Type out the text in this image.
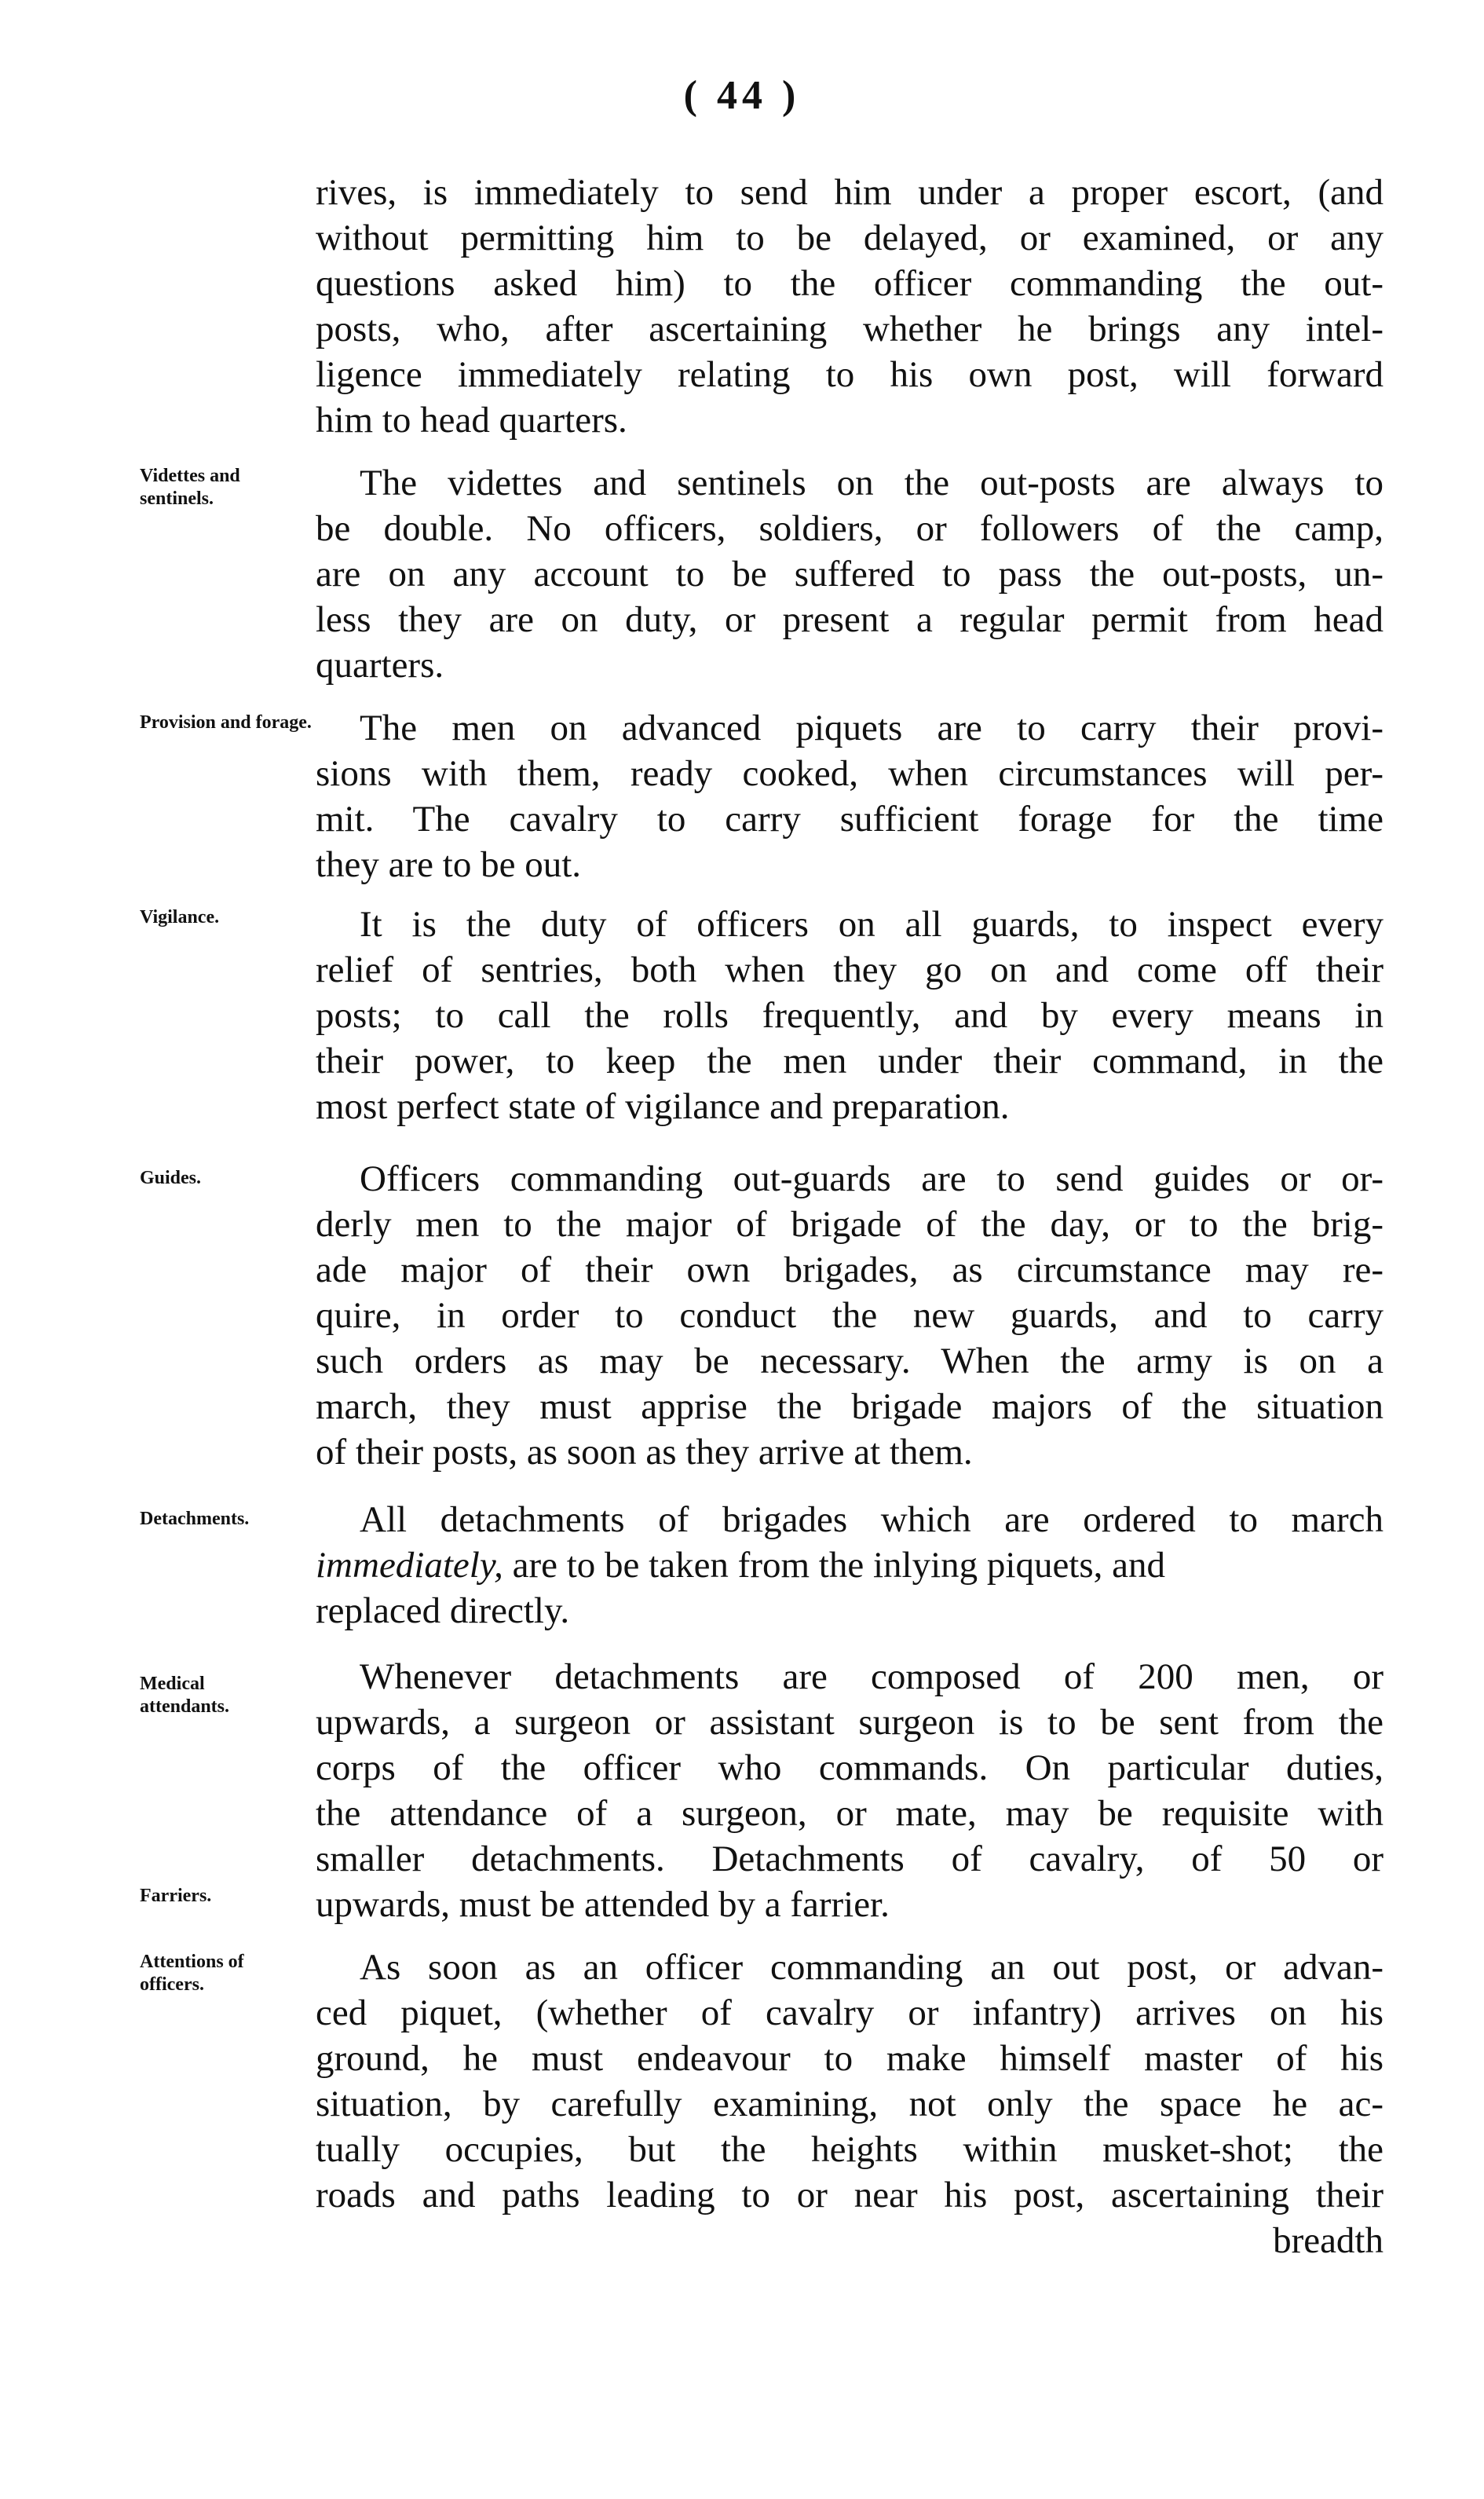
( 44 )
Videttes and sentinels.
Provision and forage.
Vigilance.
Guides.
Detachments.
Medical attendants.
Farriers.
Attentions of officers.
rives, is immediately to send him under a proper escort, (and
without permitting him to be delayed, or examined, or any
questions asked him) to the officer commanding the out-
posts, who, after ascertaining whether he brings any intel-
ligence immediately relating to his own post, will forward
him to head quarters.
The videttes and sentinels on the out-posts are always to
be double. No officers, soldiers, or followers of the camp,
are on any account to be suffered to pass the out-posts, un-
less they are on duty, or present a regular permit from head
quarters.
The men on advanced piquets are to carry their provi-
sions with them, ready cooked, when circumstances will per-
mit. The cavalry to carry sufficient forage for the time
they are to be out.
It is the duty of officers on all guards, to inspect every
relief of sentries, both when they go on and come off their
posts; to call the rolls frequently, and by every means in
their power, to keep the men under their command, in the
most perfect state of vigilance and preparation.
Officers commanding out-guards are to send guides or or-
derly men to the major of brigade of the day, or to the brig-
ade major of their own brigades, as circumstance may re-
quire, in order to conduct the new guards, and to carry
such orders as may be necessary. When the army is on a
march, they must apprise the brigade majors of the situation
of their posts, as soon as they arrive at them.
All detachments of brigades which are ordered to march
immediately, are to be taken from the inlying piquets, and
replaced directly.
Whenever detachments are composed of 200 men, or
upwards, a surgeon or assistant surgeon is to be sent from the
corps of the officer who commands. On particular duties,
the attendance of a surgeon, or mate, may be requisite with
smaller detachments. Detachments of cavalry, of 50 or
upwards, must be attended by a farrier.
As soon as an officer commanding an out post, or advan-
ced piquet, (whether of cavalry or infantry) arrives on his
ground, he must endeavour to make himself master of his
situation, by carefully examining, not only the space he ac-
tually occupies, but the heights within musket-shot; the
roads and paths leading to or near his post, ascertaining their
breadth
